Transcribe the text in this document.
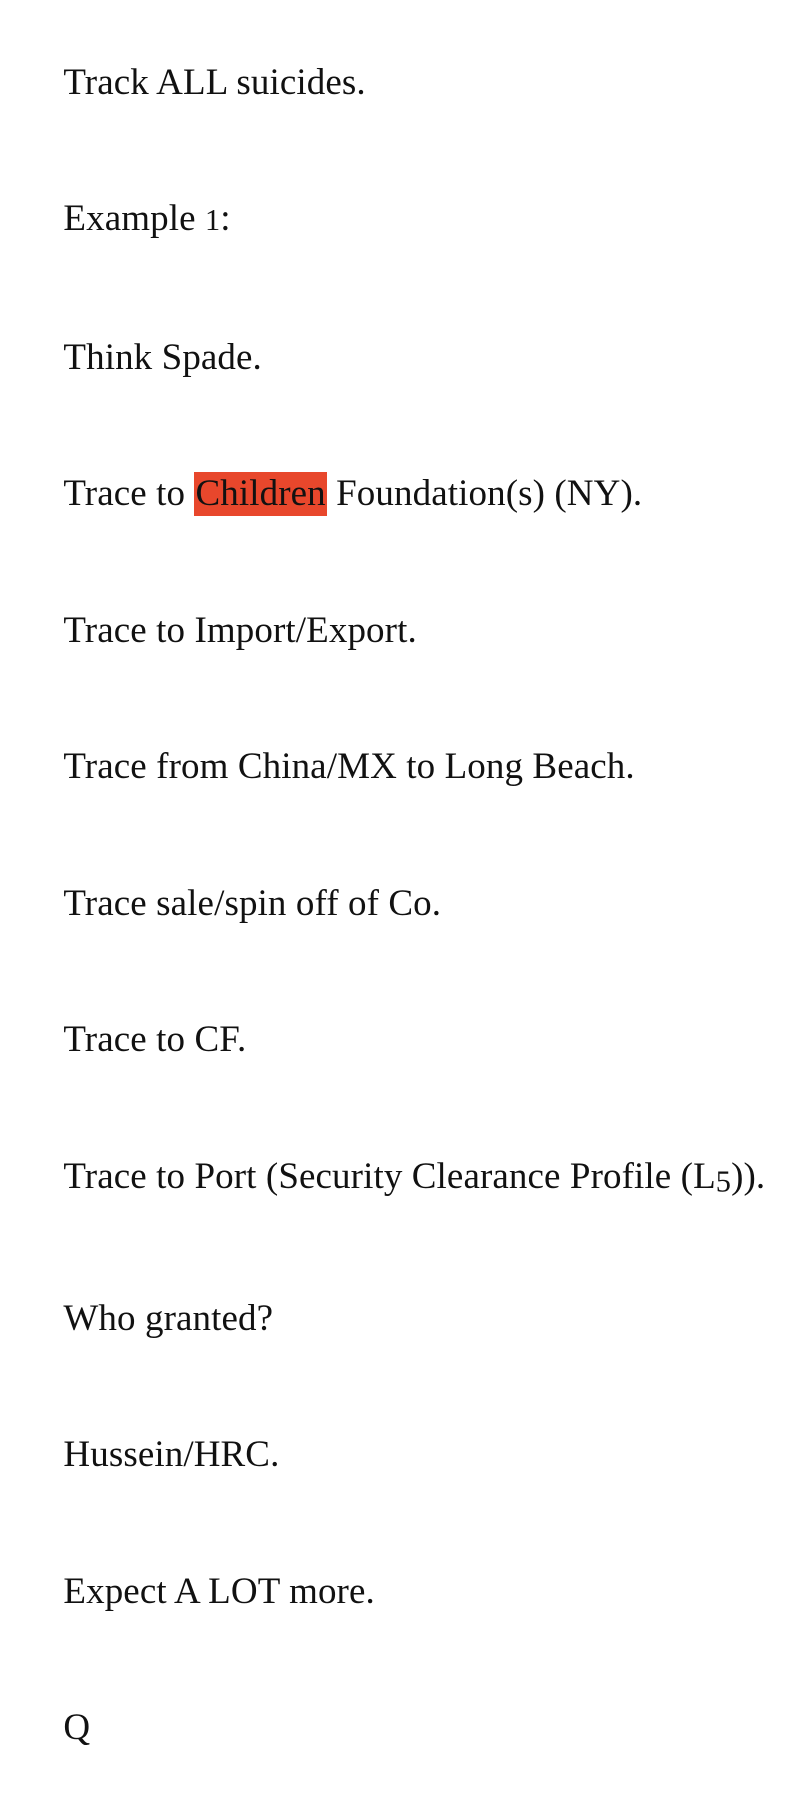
Track ALL suicides.

Example 1:

Think Spade.

Trace to Children Foundation(s) (NY).

Trace to Import/Export.

Trace from China/MX to Long Beach.

Trace sale/spin off of Co.

Trace to CF.

Trace to Port (Security Clearance Profile (L5)).

Who granted?

Hussein/HRC.

Expect A LOT more.

Q
